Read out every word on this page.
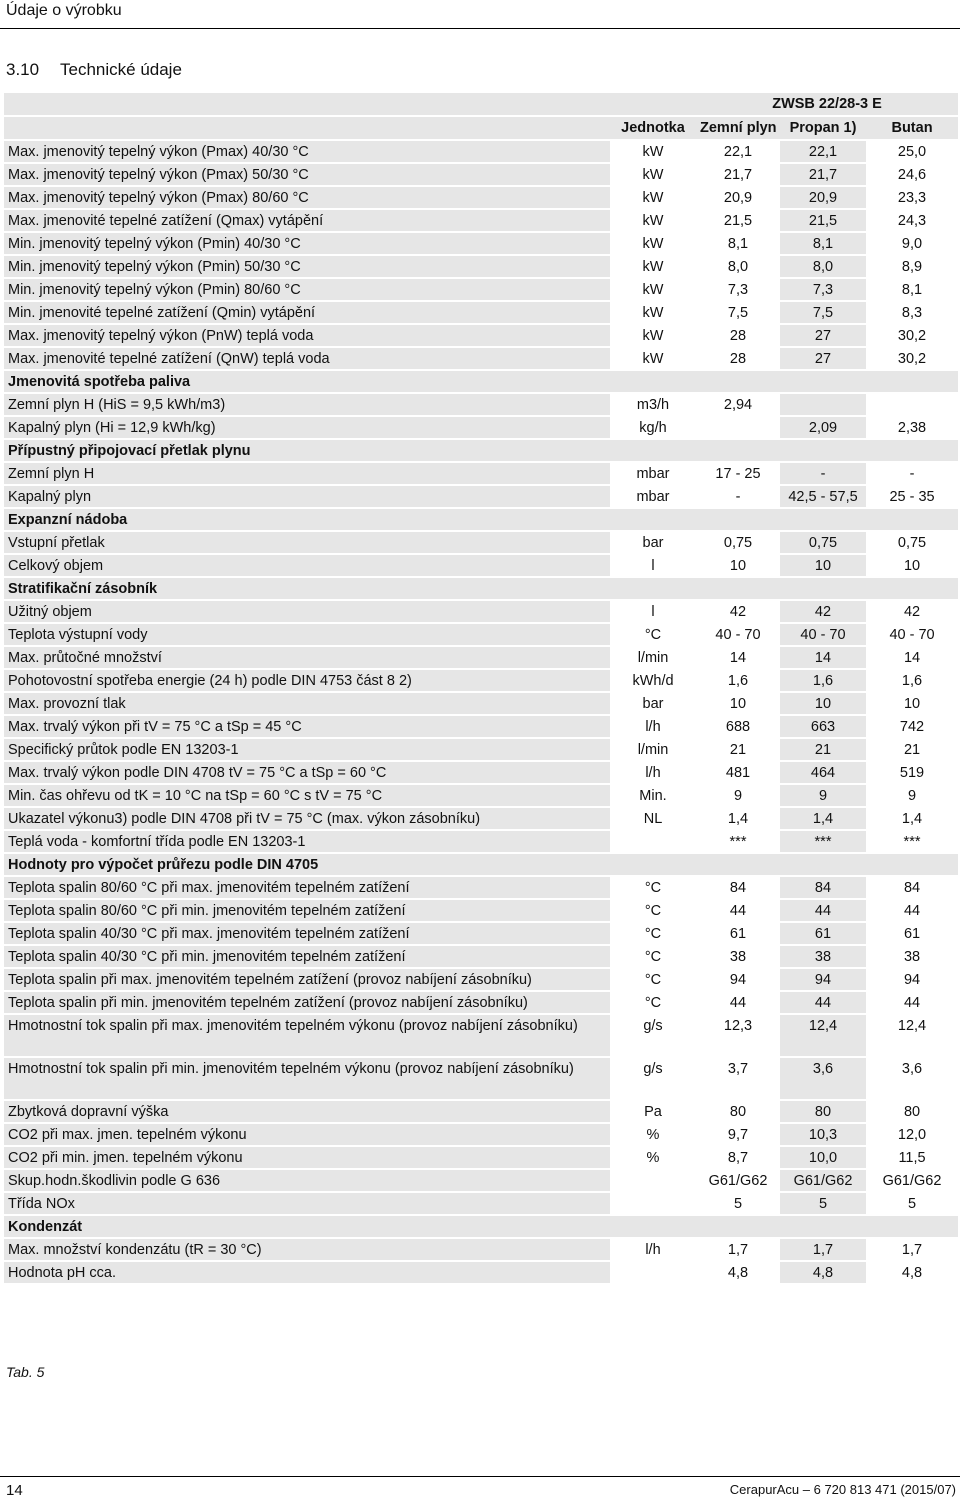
Údaje o výrobku
3.10 Technické údaje
		ZWSB 22/28-3 E		
	Jednotka	Zemní plyn	Propan 1)	Butan
Max. jmenovitý tepelný výkon (Pmax) 40/30 °C	kW	22,1	22,1	25,0
Max. jmenovitý tepelný výkon (Pmax) 50/30 °C	kW	21,7	21,7	24,6
Max. jmenovitý tepelný výkon (Pmax) 80/60 °C	kW	20,9	20,9	23,3
Max. jmenovité tepelné zatížení (Qmax) vytápění	kW	21,5	21,5	24,3
Min. jmenovitý tepelný výkon (Pmin) 40/30 °C	kW	8,1	8,1	9,0
Min. jmenovitý tepelný výkon (Pmin) 50/30 °C	kW	8,0	8,0	8,9
Min. jmenovitý tepelný výkon (Pmin) 80/60 °C	kW	7,3	7,3	8,1
Min. jmenovité tepelné zatížení (Qmin) vytápění	kW	7,5	7,5	8,3
Max. jmenovitý tepelný výkon (PnW) teplá voda	kW	28	27	30,2
Max. jmenovité tepelné zatížení (QnW) teplá voda	kW	28	27	30,2
Jmenovitá spotřeba paliva				
Zemní plyn H (HiS = 9,5 kWh/m3)	m3/h	2,94		
Kapalný plyn (Hi = 12,9 kWh/kg)	kg/h		2,09	2,38
Přípustný připojovací přetlak plynu				
Zemní plyn H	mbar	17 - 25	-	-
Kapalný plyn	mbar	-	42,5 - 57,5	25 - 35
Expanzní nádoba				
Vstupní přetlak	bar	0,75	0,75	0,75
Celkový objem	l	10	10	10
Stratifikační zásobník				
Užitný objem	l	42	42	42
Teplota výstupní vody	°C	40 - 70	40 - 70	40 - 70
Max. průtočné množství	l/min	14	14	14
Pohotovostní spotřeba energie (24 h) podle DIN 4753 část 8 2)	kWh/d	1,6	1,6	1,6
Max. provozní tlak	bar	10	10	10
Max. trvalý výkon při tV = 75 °C a tSp = 45 °C	l/h	688	663	742
Specifický průtok podle EN 13203-1	l/min	21	21	21
Max. trvalý výkon podle DIN 4708 tV = 75 °C a tSp = 60 °C	l/h	481	464	519
Min. čas ohřevu od tK = 10 °C na tSp = 60 °C s tV = 75 °C	Min.	9	9	9
Ukazatel výkonu3) podle DIN 4708 při tV = 75 °C (max. výkon zásobníku)	NL	1,4	1,4	1,4
Teplá voda - komfortní třída podle EN 13203-1		***	***	***
Hodnoty pro výpočet průřezu podle DIN 4705				
Teplota spalin 80/60 °C při max. jmenovitém tepelném zatížení	°C	84	84	84
Teplota spalin 80/60 °C při min. jmenovitém tepelném zatížení	°C	44	44	44
Teplota spalin 40/30 °C při max. jmenovitém tepelném zatížení	°C	61	61	61
Teplota spalin 40/30 °C při min. jmenovitém tepelném zatížení	°C	38	38	38
Teplota spalin při max. jmenovitém tepelném zatížení (provoz nabíjení zásobníku)	°C	94	94	94
Teplota spalin při min. jmenovitém tepelném zatížení (provoz nabíjení zásobníku)	°C	44	44	44
Hmotnostní tok spalin při max. jmenovitém tepelném výkonu (provoz nabíjení zásobníku)	g/s	12,3	12,4	12,4
Hmotnostní tok spalin při min. jmenovitém tepelném výkonu (provoz nabíjení zásobníku)	g/s	3,7	3,6	3,6
Zbytková dopravní výška	Pa	80	80	80
CO2 při max. jmen. tepelném výkonu	%	9,7	10,3	12,0
CO2 při min. jmen. tepelném výkonu	%	8,7	10,0	11,5
Skup.hodn.škodlivin podle G 636		G61/G62	G61/G62	G61/G62
Třída NOx		5	5	5
Kondenzát				
Max. množství kondenzátu (tR = 30 °C)	l/h	1,7	1,7	1,7
Hodnota pH cca.		4,8	4,8	4,8
Tab. 5
14	CerapurAcu – 6 720 813 471 (2015/07)
